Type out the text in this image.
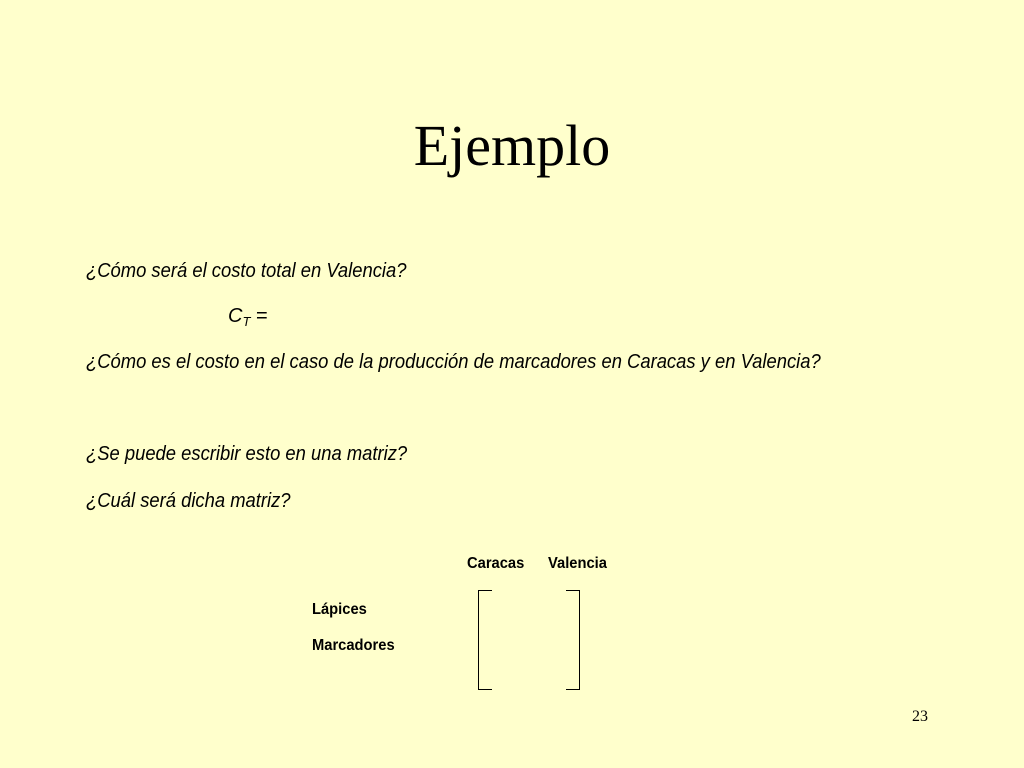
Ejemplo
¿Cómo será el costo total en Valencia?
$C_T$ =
¿Cómo es el costo en el caso de la producción de marcadores en Caracas y en Valencia?
¿Se puede escribir esto en una matriz?
¿Cuál será dicha matriz?
Caracas Valencia
Lápices
Marcadores
23
